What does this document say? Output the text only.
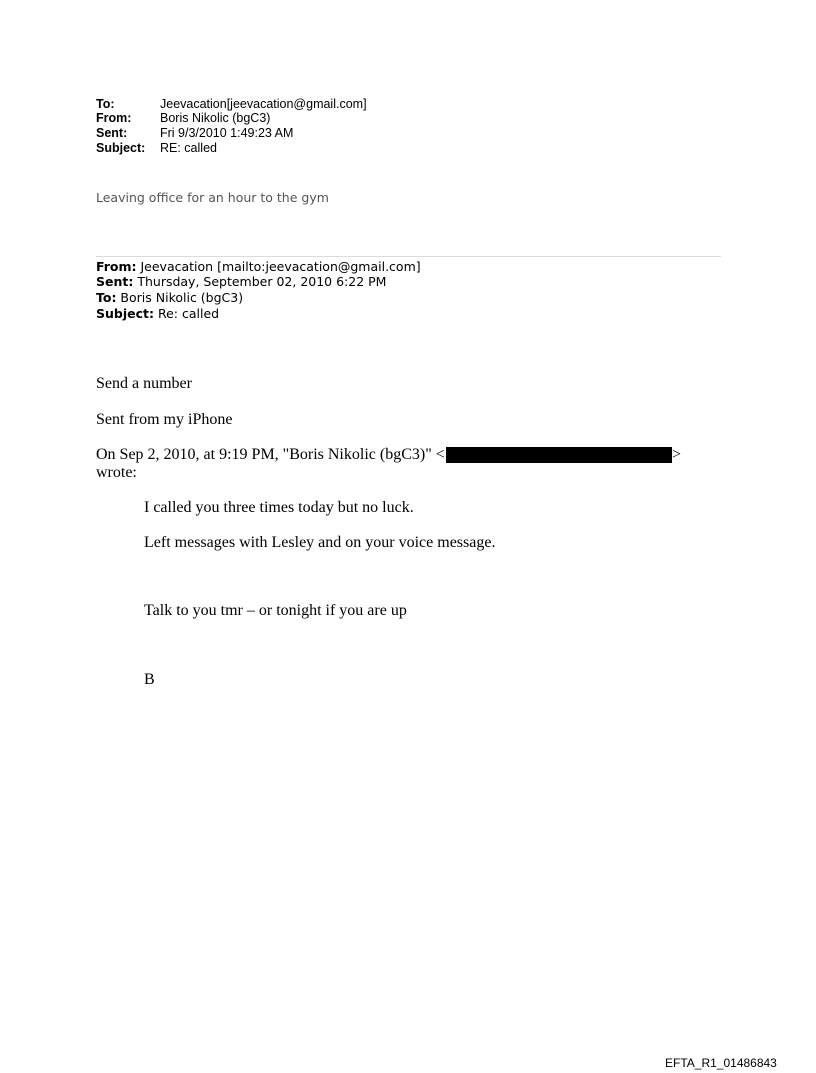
To:	Jeevacation[jeevacation@gmail.com]
From: Boris Nikolic (bgC3)
Sent:	Fri 9/3/2010 1:49:23 AM
Subject: RE: called
Leaving office for an hour to the gym
From: Jeevacation [mailto:jeevacation@gmail.com]
Sent: Thursday, September 02, 2010 6:22 PM
To: Boris Nikolic (bgC3)
Subject: Re: called
Send a number
Sent from my iPhone
On Sep 2, 2010, at 9:19 PM, "Boris Nikolic (bgC3)" <	>
wrote:
I called you three times today but no luck.
Left messages with Lesley and on your voice message.
Talk to you tmr – or tonight if you are up
B
EFTA_R1_01486843
